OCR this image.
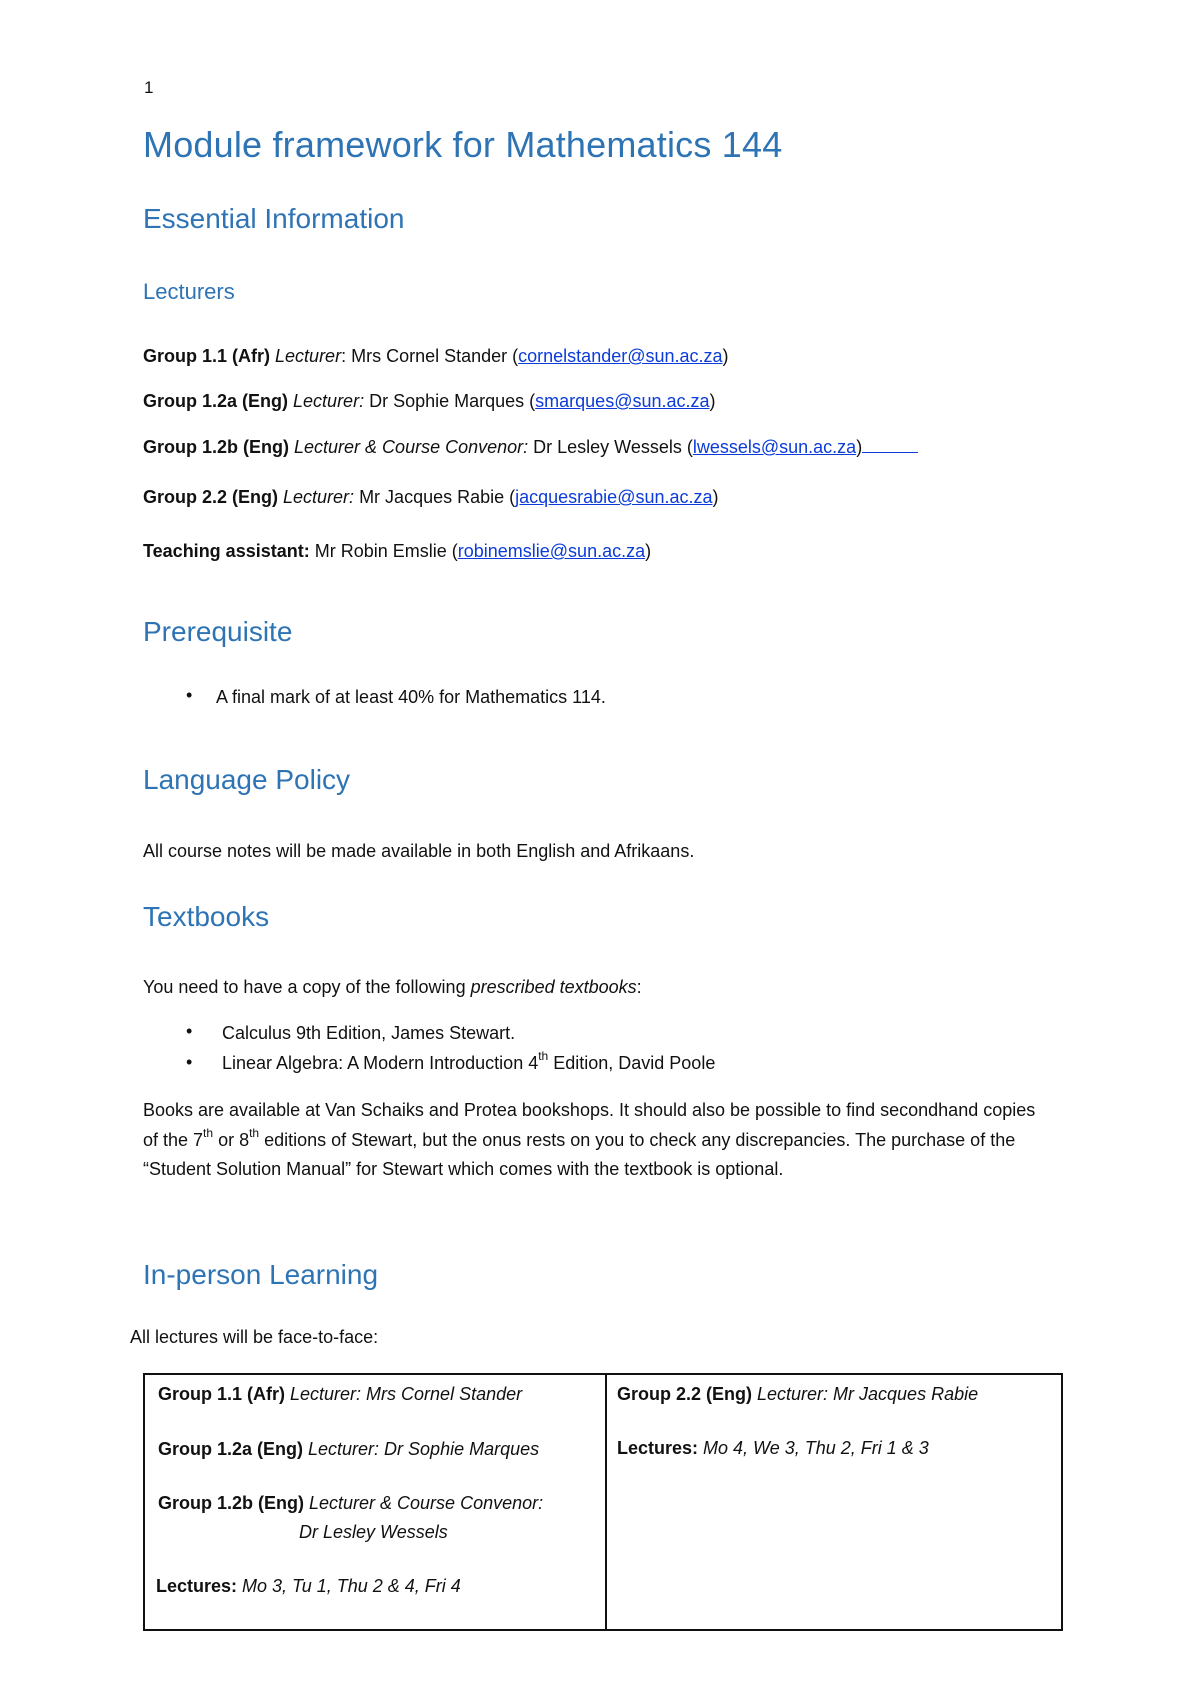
1
Module framework for Mathematics 144
Essential Information
Lecturers
Group 1.1 (Afr) Lecturer: Mrs Cornel Stander (cornelstander@sun.ac.za)
Group 1.2a (Eng) Lecturer: Dr Sophie Marques (smarques@sun.ac.za)
Group 1.2b (Eng) Lecturer & Course Convenor: Dr Lesley Wessels (lwessels@sun.ac.za)
Group 2.2 (Eng) Lecturer: Mr Jacques Rabie (jacquesrabie@sun.ac.za)
Teaching assistant: Mr Robin Emslie (robinemslie@sun.ac.za)
Prerequisite
• A final mark of at least 40% for Mathematics 114.
Language Policy
All course notes will be made available in both English and Afrikaans.
Textbooks
You need to have a copy of the following prescribed textbooks:
• Calculus 9th Edition, James Stewart.
• Linear Algebra: A Modern Introduction 4th Edition, David Poole
Books are available at Van Schaiks and Protea bookshops. It should also be possible to find secondhand copies of the 7th or 8th editions of Stewart, but the onus rests on you to check any discrepancies. The purchase of the “Student Solution Manual” for Stewart which comes with the textbook is optional.
In-person Learning
All lectures will be face-to-face:
Group 1.1 (Afr) Lecturer: Mrs Cornel Stander
Group 1.2a (Eng) Lecturer: Dr Sophie Marques
Group 1.2b (Eng) Lecturer & Course Convenor:
Dr Lesley Wessels
Lectures: Mo 3, Tu 1, Thu 2 & 4, Fri 4
Group 2.2 (Eng) Lecturer: Mr Jacques Rabie
Lectures: Mo 4, We 3, Thu 2, Fri 1 & 3
